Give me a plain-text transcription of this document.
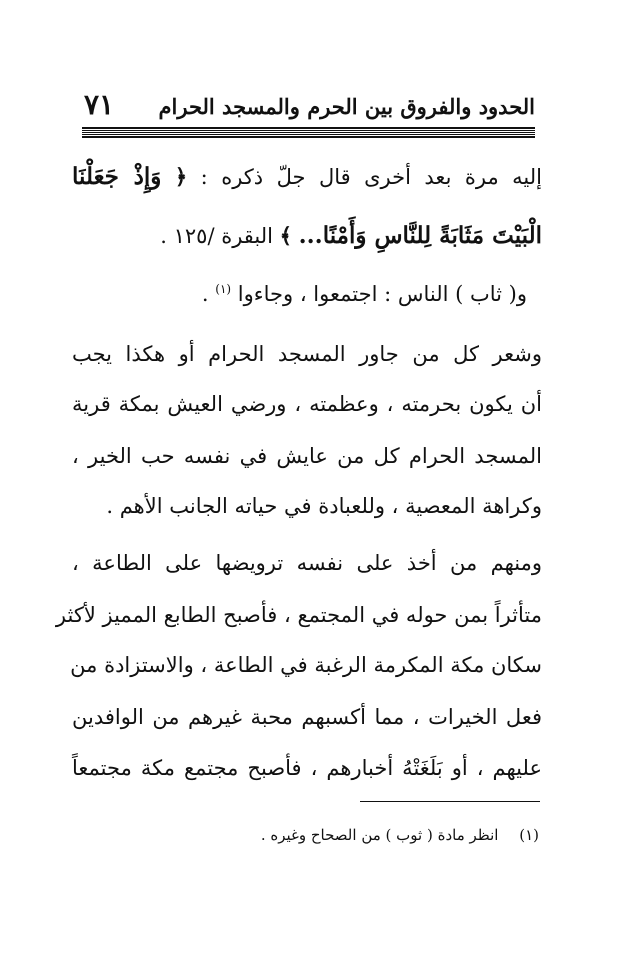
الحدود والفروق بين الحرم والمسجد الحرام
٧١
إليه مرة بعد أخرى قال جلّ ذكره : ﴿ وَإِذْ جَعَلْنَا
الْبَيْتَ مَثَابَةً لِلنَّاسِ وَأَمْنًا... ﴾ البقرة /١٢٥ .
و( ثاب ) الناس : اجتمعوا ، وجاءوا $^{(١)}$ .
وشعر كل من جاور المسجد الحرام أو هكذا يجب
أن يكون بحرمته ، وعظمته ، ورضي العيش بمكة قرية
المسجد الحرام كل من عايش في نفسه حب الخير ،
وكراهة المعصية ، وللعبادة في حياته الجانب الأهم .
ومنهم من أخذ على نفسه ترويضها على الطاعة ،
متأثراً بمن حوله في المجتمع ، فأصبح الطابع المميز لأكثر
سكان مكة المكرمة الرغبة في الطاعة ، والاستزادة من
فعل الخيرات ، مما أكسبهم محبة غيرهم من الوافدين
عليهم ، أو بَلَغَتْهُ أخبارهم ، فأصبح مجتمع مكة مجتمعاً
(١) انظر مادة ( ثوب ) من الصحاح وغيره .
